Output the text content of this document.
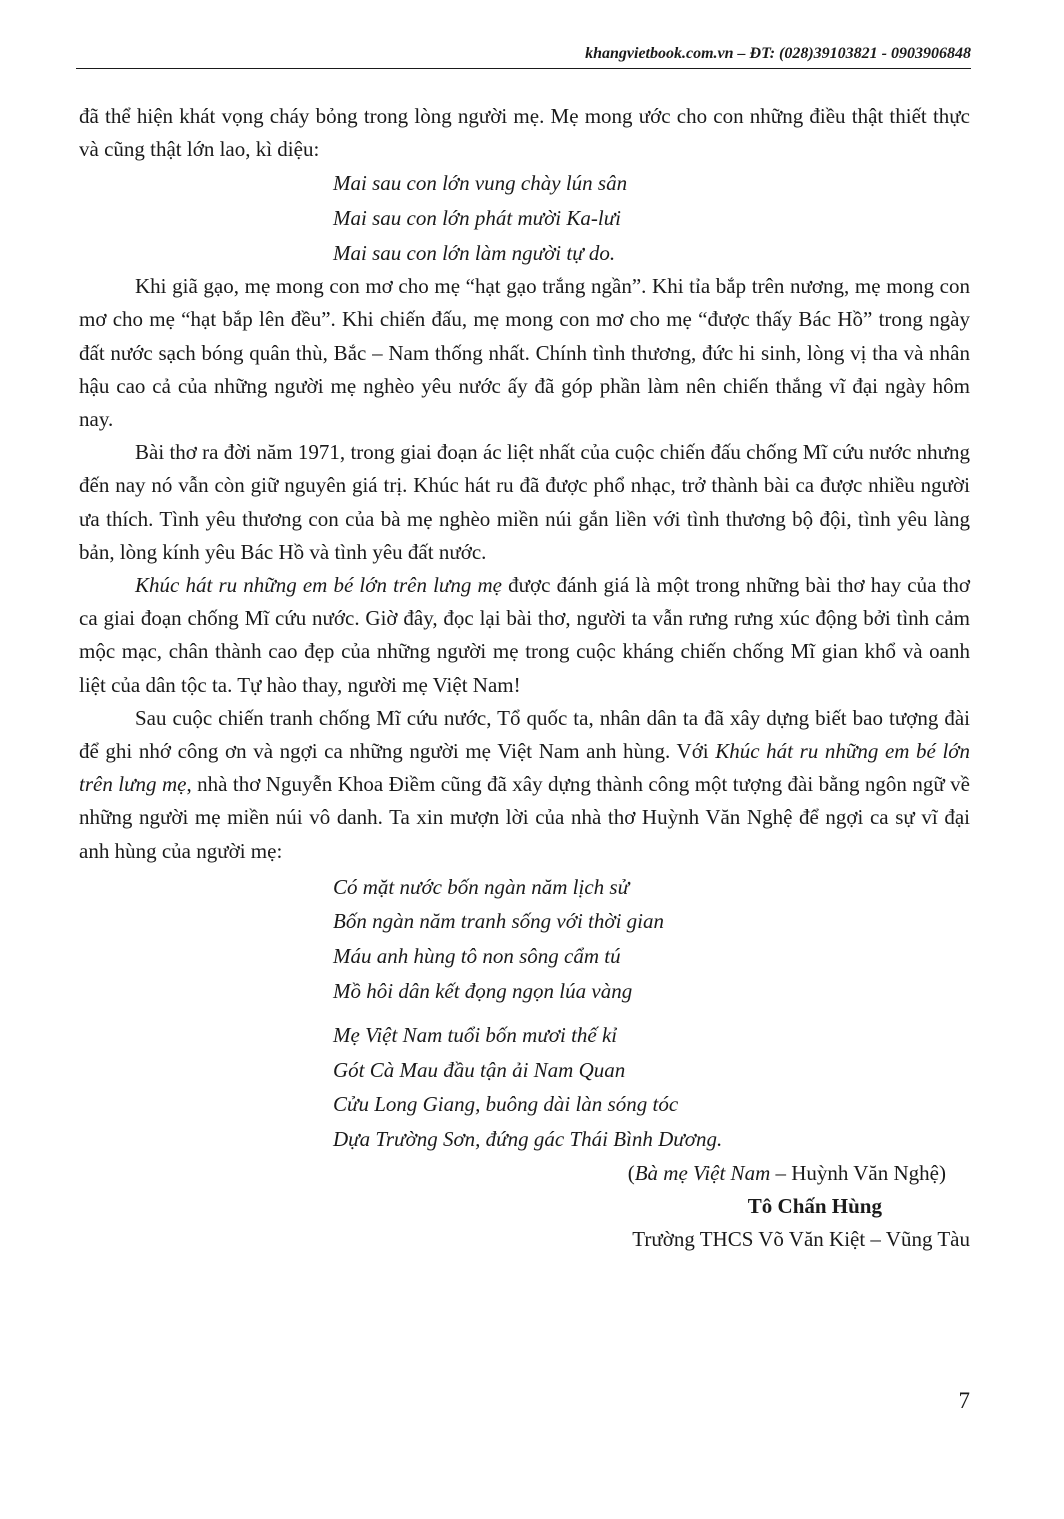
khangvietbook.com.vn – ĐT: (028)39103821 - 0903906848

đã thể hiện khát vọng cháy bỏng trong lòng người mẹ. Mẹ mong ước cho con những điều thật thiết thực và cũng thật lớn lao, kì diệu:

Mai sau con lớn vung chày lún sân
Mai sau con lớn phát mười Ka-lưi
Mai sau con lớn làm người tự do.

Khi giã gạo, mẹ mong con mơ cho mẹ “hạt gạo trắng ngần”. Khi tỉa bắp trên nương, mẹ mong con mơ cho mẹ “hạt bắp lên đều”. Khi chiến đấu, mẹ mong con mơ cho mẹ “được thấy Bác Hồ” trong ngày đất nước sạch bóng quân thù, Bắc – Nam thống nhất. Chính tình thương, đức hi sinh, lòng vị tha và nhân hậu cao cả của những người mẹ nghèo yêu nước ấy đã góp phần làm nên chiến thắng vĩ đại ngày hôm nay.

Bài thơ ra đời năm 1971, trong giai đoạn ác liệt nhất của cuộc chiến đấu chống Mĩ cứu nước nhưng đến nay nó vẫn còn giữ nguyên giá trị. Khúc hát ru đã được phổ nhạc, trở thành bài ca được nhiều người ưa thích. Tình yêu thương con của bà mẹ nghèo miền núi gắn liền với tình thương bộ đội, tình yêu làng bản, lòng kính yêu Bác Hồ và tình yêu đất nước.

Khúc hát ru những em bé lớn trên lưng mẹ được đánh giá là một trong những bài thơ hay của thơ ca giai đoạn chống Mĩ cứu nước. Giờ đây, đọc lại bài thơ, người ta vẫn rưng rưng xúc động bởi tình cảm mộc mạc, chân thành cao đẹp của những người mẹ trong cuộc kháng chiến chống Mĩ gian khổ và oanh liệt của dân tộc ta. Tự hào thay, người mẹ Việt Nam!

Sau cuộc chiến tranh chống Mĩ cứu nước, Tổ quốc ta, nhân dân ta đã xây dựng biết bao tượng đài để ghi nhớ công ơn và ngợi ca những người mẹ Việt Nam anh hùng. Với Khúc hát ru những em bé lớn trên lưng mẹ, nhà thơ Nguyễn Khoa Điềm cũng đã xây dựng thành công một tượng đài bằng ngôn ngữ về những người mẹ miền núi vô danh. Ta xin mượn lời của nhà thơ Huỳnh Văn Nghệ để ngợi ca sự vĩ đại anh hùng của người mẹ:

Có mặt nước bốn ngàn năm lịch sử
Bốn ngàn năm tranh sống với thời gian
Máu anh hùng tô non sông cẩm tú
Mồ hôi dân kết đọng ngọn lúa vàng
Mẹ Việt Nam tuổi bốn mươi thế kỉ
Gót Cà Mau đầu tận ải Nam Quan
Cửu Long Giang, buông dài làn sóng tóc
Dựa Trường Sơn, đứng gác Thái Bình Dương.
(Bà mẹ Việt Nam – Huỳnh Văn Nghệ)
Tô Chấn Hùng
Trường THCS Võ Văn Kiệt – Vũng Tàu
7
